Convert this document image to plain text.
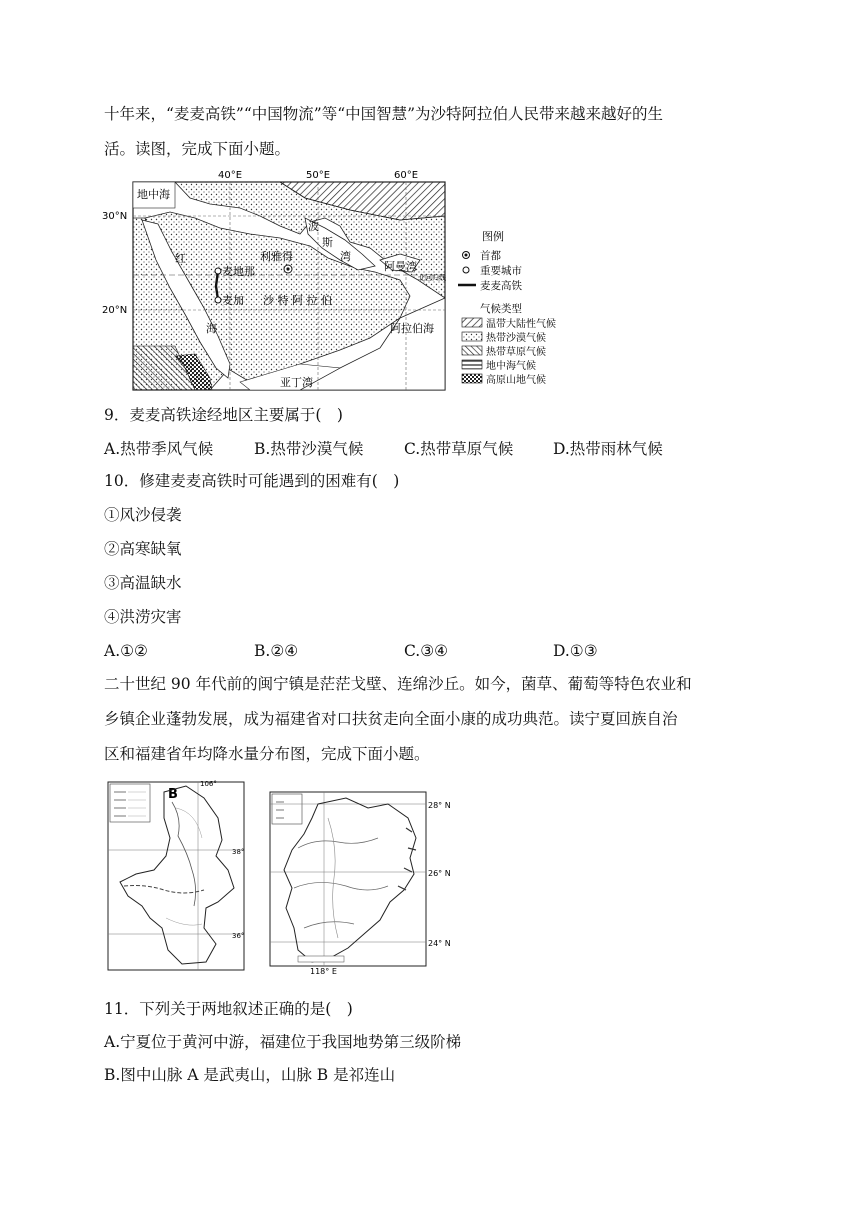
十年来，“麦麦高铁”“中国物流”等“中国智慧”为沙特阿拉伯人民带来越来越好的生
活。读图，完成下面小题。
40°E	50°E	60°E
30°N
20°N
地中海
红
海
波
斯
湾
阿曼湾
利雅得
麦地那
麦加 沙 特 阿 拉 伯
阿拉伯海
亚丁湾
北回归线
图例
首都
重要城市
麦麦高铁
气候类型
温带大陆性气候
热带沙漠气候
热带草原气候
地中海气候
高原山地气候
9．麦麦高铁途经地区主要属于(　)
A.热带季风气候	B.热带沙漠气候	C.热带草原气候	D.热带雨林气候
10．修建麦麦高铁时可能遇到的困难有(　)
①风沙侵袭
②高寒缺氧
③高温缺水
④洪涝灾害
A.①②	B.②④	C.③④	D.①③
二十世纪 90 年代前的闽宁镇是茫茫戈壁、连绵沙丘。如今，菌草、葡萄等特色农业和
乡镇企业蓬勃发展，成为福建省对口扶贫走向全面小康的成功典范。读宁夏回族自治
区和福建省年均降水量分布图，完成下面小题。
B
106°
38°
36°
28° N
26° N
24° N
118° E
11．下列关于两地叙述正确的是(　)
A.宁夏位于黄河中游，福建位于我国地势第三级阶梯
B.图中山脉 A 是武夷山，山脉 B 是祁连山
